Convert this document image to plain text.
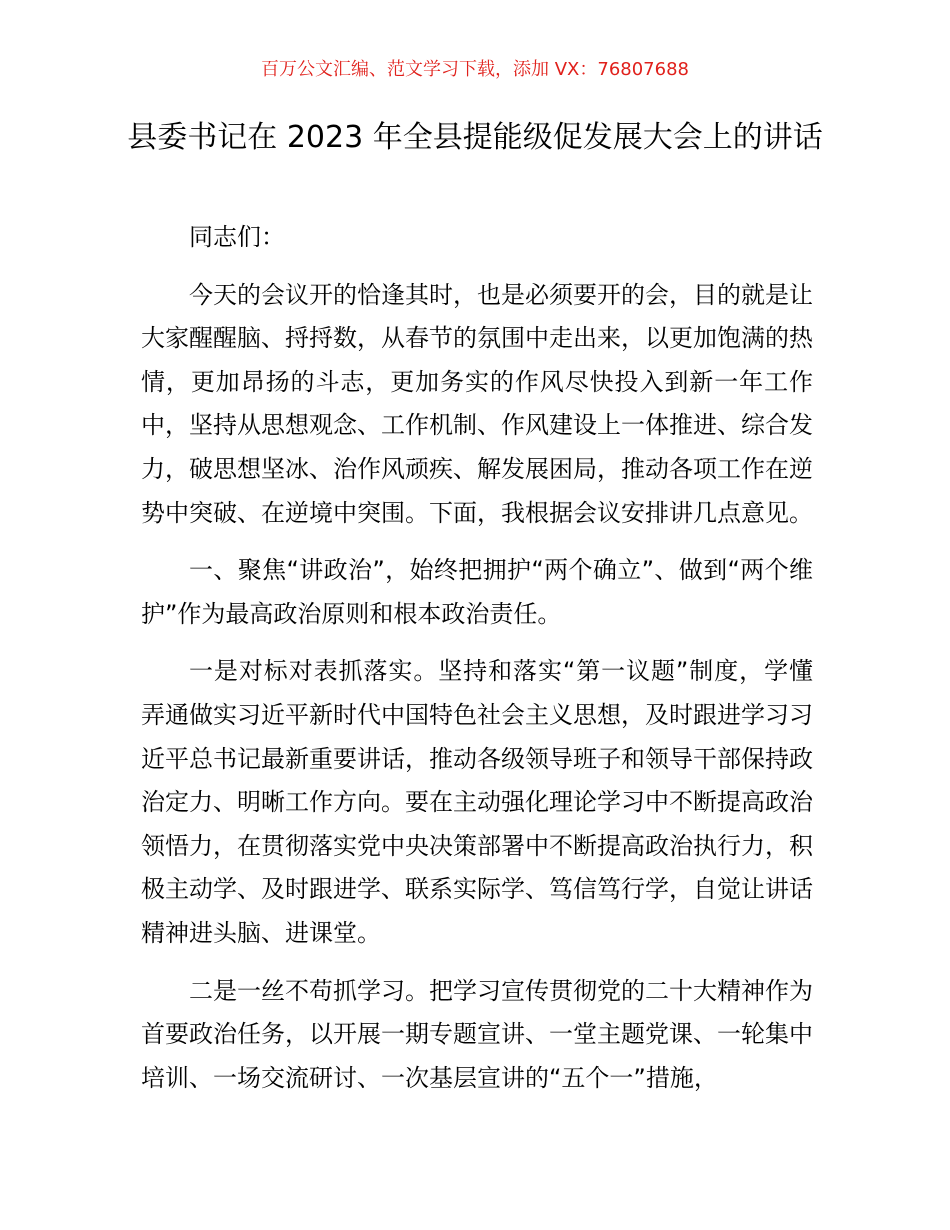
百万公文汇编、范文学习下载，添加 VX：76807688
县委书记在 2023 年全县提能级促发展大会上的讲话

同志们：

今天的会议开的恰逢其时，也是必须要开的会，目的就是让大家醒醒脑、捋捋数，从春节的氛围中走出来，以更加饱满的热情，更加昂扬的斗志，更加务实的作风尽快投入到新一年工作中，坚持从思想观念、工作机制、作风建设上一体推进、综合发力，破思想坚冰、治作风顽疾、解发展困局，推动各项工作在逆势中突破、在逆境中突围。下面，我根据会议安排讲几点意见。

一、聚焦“讲政治”，始终把拥护“两个确立”、做到“两个维护”作为最高政治原则和根本政治责任。

一是对标对表抓落实。坚持和落实“第一议题”制度，学懂弄通做实习近平新时代中国特色社会主义思想，及时跟进学习习近平总书记最新重要讲话，推动各级领导班子和领导干部保持政治定力、明晰工作方向。要在主动强化理论学习中不断提高政治领悟力，在贯彻落实党中央决策部署中不断提高政治执行力，积极主动学、及时跟进学、联系实际学、笃信笃行学，自觉让讲话精神进头脑、进课堂。

二是一丝不苟抓学习。把学习宣传贯彻党的二十大精神作为首要政治任务，以开展一期专题宣讲、一堂主题党课、一轮集中培训、一场交流研讨、一次基层宣讲的“五个一”措施，
